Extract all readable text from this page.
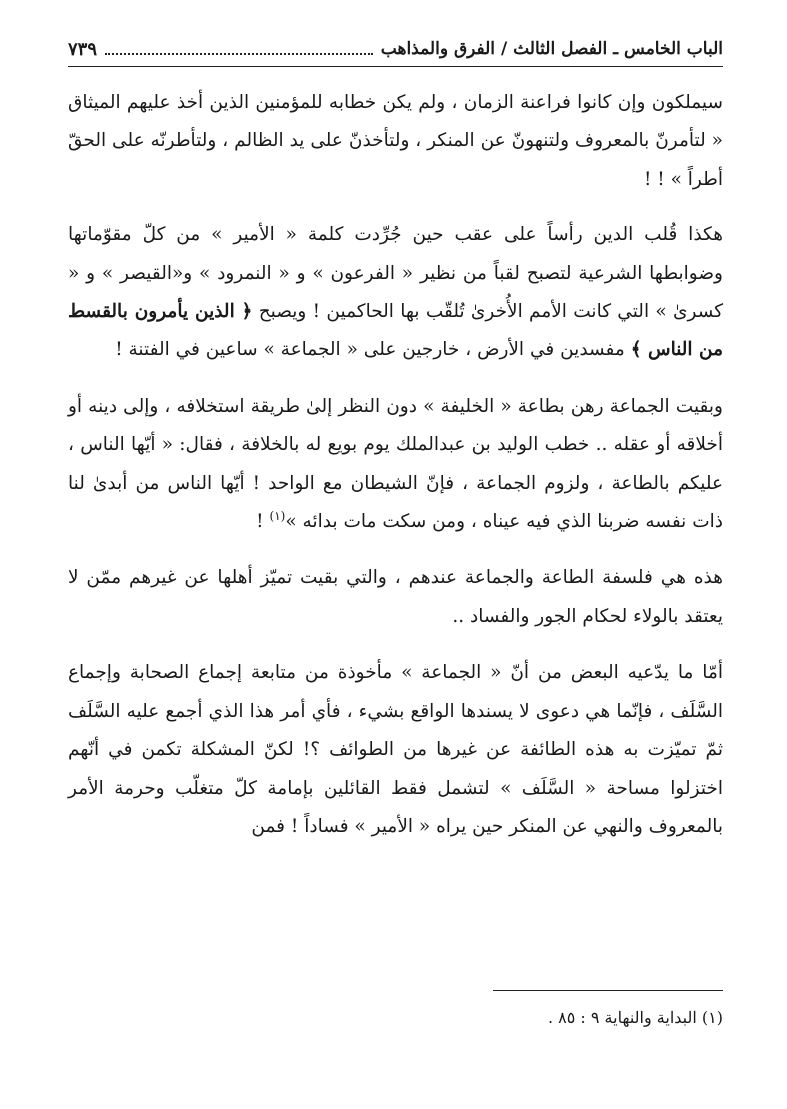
الباب الخامس ـ الفصل الثالث / الفرق والمذاهب
٧٣٩

سيملكون وإن كانوا فراعنة الزمان ، ولم يكن خطابه للمؤمنين الذين أخذ عليهم الميثاق « لتأمرنّ بالمعروف ولتنهونّ عن المنكر ، ولتأخذنّ على يد الظالم ، ولتأطرنّه على الحقّ أطراً » ! !

هكذا قُلب الدين رأساً على عقب حين جُرِّدت كلمة « الأمير » من كلّ مقوّماتها وضوابطها الشرعية لتصبح لقباً من نظير « الفرعون » و « النمرود » و«القيصر » و « كسرىٰ » التي كانت الأمم الأُخرىٰ تُلقّب بها الحاكمين ! ويصبح ﴿ الذين يأمرون بالقسط من الناس ﴾ مفسدين في الأرض ، خارجين على « الجماعة » ساعين في الفتنة !

وبقيت الجماعة رهن بطاعة « الخليفة » دون النظر إلىٰ طريقة استخلافه ، وإلى دينه أو أخلاقه أو عقله .. خطب الوليد بن عبدالملك يوم بويع له بالخلافة ، فقال: « أيّها الناس ، عليكم بالطاعة ، ولزوم الجماعة ، فإنّ الشيطان مع الواحد ! أيّها الناس من أبدىٰ لنا ذات نفسه ضربنا الذي فيه عيناه ، ومن سكت مات بدائه »$^{(١)}$ !

هذه هي فلسفة الطاعة والجماعة عندهم ، والتي بقيت تميّز أهلها عن غيرهم ممّن لا يعتقد بالولاء لحكام الجور والفساد ..

أمّا ما يدّعيه البعض من أنّ « الجماعة » مأخوذة من متابعة إجماع الصحابة وإجماع السَّلَف ، فإنّما هي دعوى لا يسندها الواقع بشيء ، فأي أمر هذا الذي أجمع عليه السَّلَف ثمّ تميّزت به هذه الطائفة عن غيرها من الطوائف ؟! لكنّ المشكلة تكمن في أنّهم اختزلوا مساحة « السَّلَف » لتشمل فقط القائلين بإمامة كلّ متغلّب وحرمة الأمر بالمعروف والنهي عن المنكر حين يراه « الأمير » فساداً ! فمن

(١) البداية والنهاية ٩ : ٨٥ .
